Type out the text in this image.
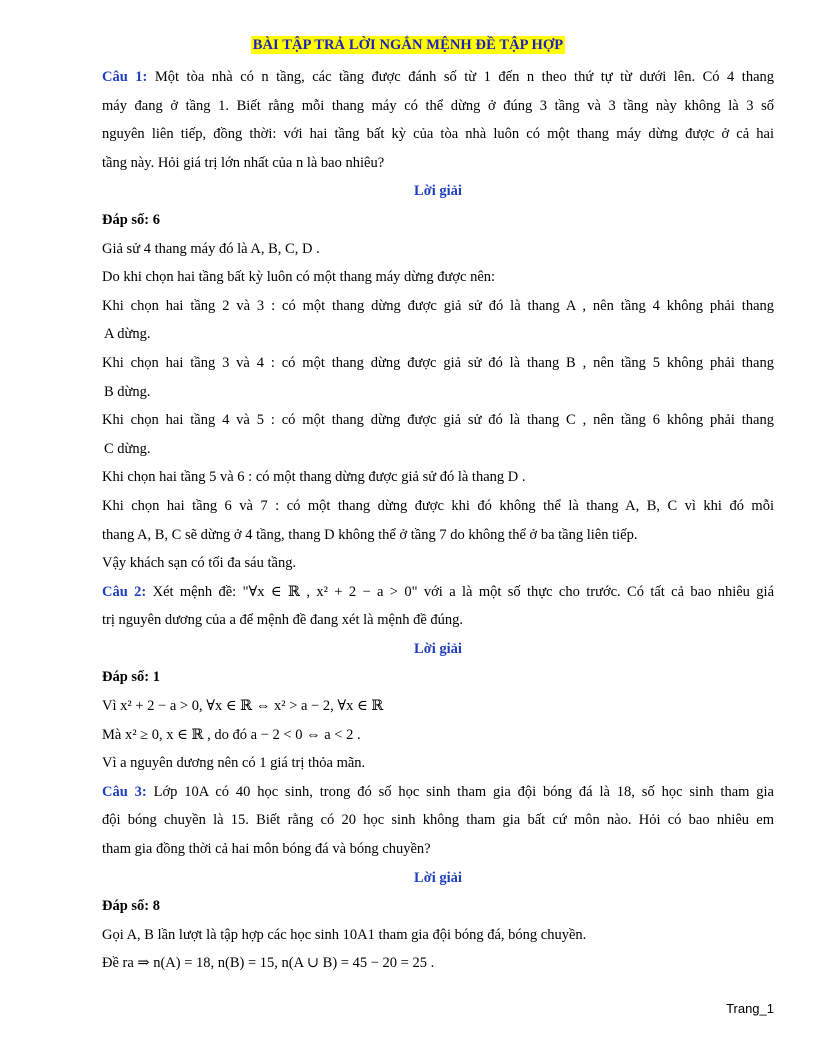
BÀI TẬP TRẢ LỜI NGẮN MỆNH ĐỀ TẬP HỢP
Câu 1: Một tòa nhà có n tầng, các tầng được đánh số từ 1 đến n theo thứ tự từ dưới lên. Có 4 thang
máy đang ở tầng 1. Biết rằng mỗi thang máy có thể dừng ở đúng 3 tầng và 3 tầng này không là 3 số
nguyên liên tiếp, đồng thời: với hai tầng bất kỳ của tòa nhà luôn có một thang máy dừng được ở cả hai
tầng này. Hỏi giá trị lớn nhất của n là bao nhiêu?
Lời giải
Đáp số: 6
Giả sử 4 thang máy đó là A, B, C, D .
Do khi chọn hai tầng bất kỳ luôn có một thang máy dừng được nên:
Khi chọn hai tầng 2 và 3 : có một thang dừng được giả sử đó là thang A , nên tầng 4 không phải thang
A dừng.
Khi chọn hai tầng 3 và 4 : có một thang dừng được giả sử đó là thang B , nên tầng 5 không phải thang
B dừng.
Khi chọn hai tầng 4 và 5 : có một thang dừng được giả sử đó là thang C , nên tầng 6 không phải thang
C dừng.
Khi chọn hai tầng 5 và 6 : có một thang dừng được giả sử đó là thang D .
Khi chọn hai tầng 6 và 7 : có một thang dừng được khi đó không thể là thang A, B, C vì khi đó mỗi
thang A, B, C sẽ dừng ở 4 tầng, thang D không thể ở tầng 7 do không thể ở ba tầng liên tiếp.
Vậy khách sạn có tối đa sáu tầng.
Câu 2: Xét mệnh đề: "∀x ∈ ℝ , x² + 2 − a > 0" với a là một số thực cho trước. Có tất cả bao nhiêu giá
trị nguyên dương của a để mệnh đề đang xét là mệnh đề đúng.
Lời giải
Đáp số: 1
Vì x² + 2 − a > 0, ∀x ∈ ℝ ⇔ x² > a − 2, ∀x ∈ ℝ
Mà x² ≥ 0, x ∈ ℝ , do đó a − 2 < 0 ⇔ a < 2 .
Vì a nguyên dương nên có 1 giá trị thỏa mãn.
Câu 3: Lớp 10A có 40 học sinh, trong đó số học sinh tham gia đội bóng đá là 18, số học sinh tham gia
đội bóng chuyền là 15. Biết rằng có 20 học sinh không tham gia bất cứ môn nào. Hỏi có bao nhiêu em
tham gia đồng thời cả hai môn bóng đá và bóng chuyền?
Lời giải
Đáp số: 8
Gọi A, B lần lượt là tập hợp các học sinh 10A1 tham gia đội bóng đá, bóng chuyền.
Đề ra ⇒ n(A) = 18, n(B) = 15, n(A ∪ B) = 45 − 20 = 25 .
Trang_1
